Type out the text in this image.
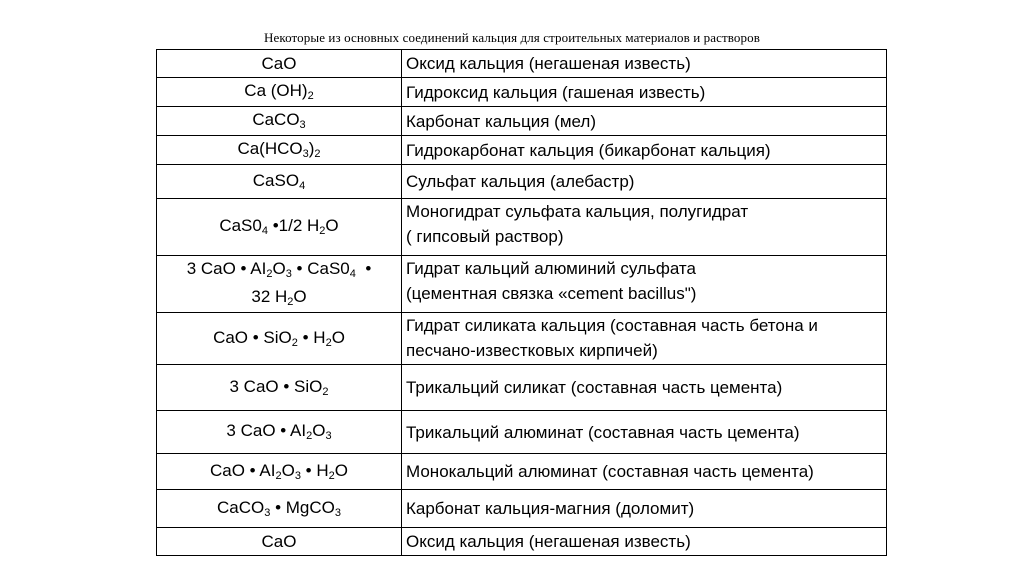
Некоторые из основных соединений кальция для строительных материалов и растворов
CaO	Оксид кальция (негашеная известь)

Ca $(OH)_2$	Гидроксид кальция (гашеная известь)

CaCO$_3$	Карбонат кальция (мел)

$Ca(HCO_3)_2$	Гидрокарбонат кальция (бикарбонат кальция)

CaSO$_4$	Сульфат кальция (алебастр)

$CaS0_4$ •1/2 $H_2O$	Моногидрат сульфата кальция, полугидрат
( гипсовый раствор)

3 CaO • $AI_2O_3$ • $CaS0_4$  •
32 $H_2O$	Гидрат кальций алюминий сульфата
(цементная связка «cement bacillus")

CaO • SiO$_2$ • $H_2O$	Гидрат силиката кальция (составная часть бетона и
песчано-известковых кирпичей)

3 CaO • SiO$_2$	Трикальций силикат (составная часть цемента)

3 CaO • $AI_2O_3$	Трикальций алюминат (составная часть цемента)

CaO • $AI_2O_3$ • $H_2O$	Монокальций алюминат (составная часть цемента)

CaCO$_3$ • MgCO$_3$	Карбонат кальция-магния (доломит)

CaO	Оксид кальция (негашеная известь)
